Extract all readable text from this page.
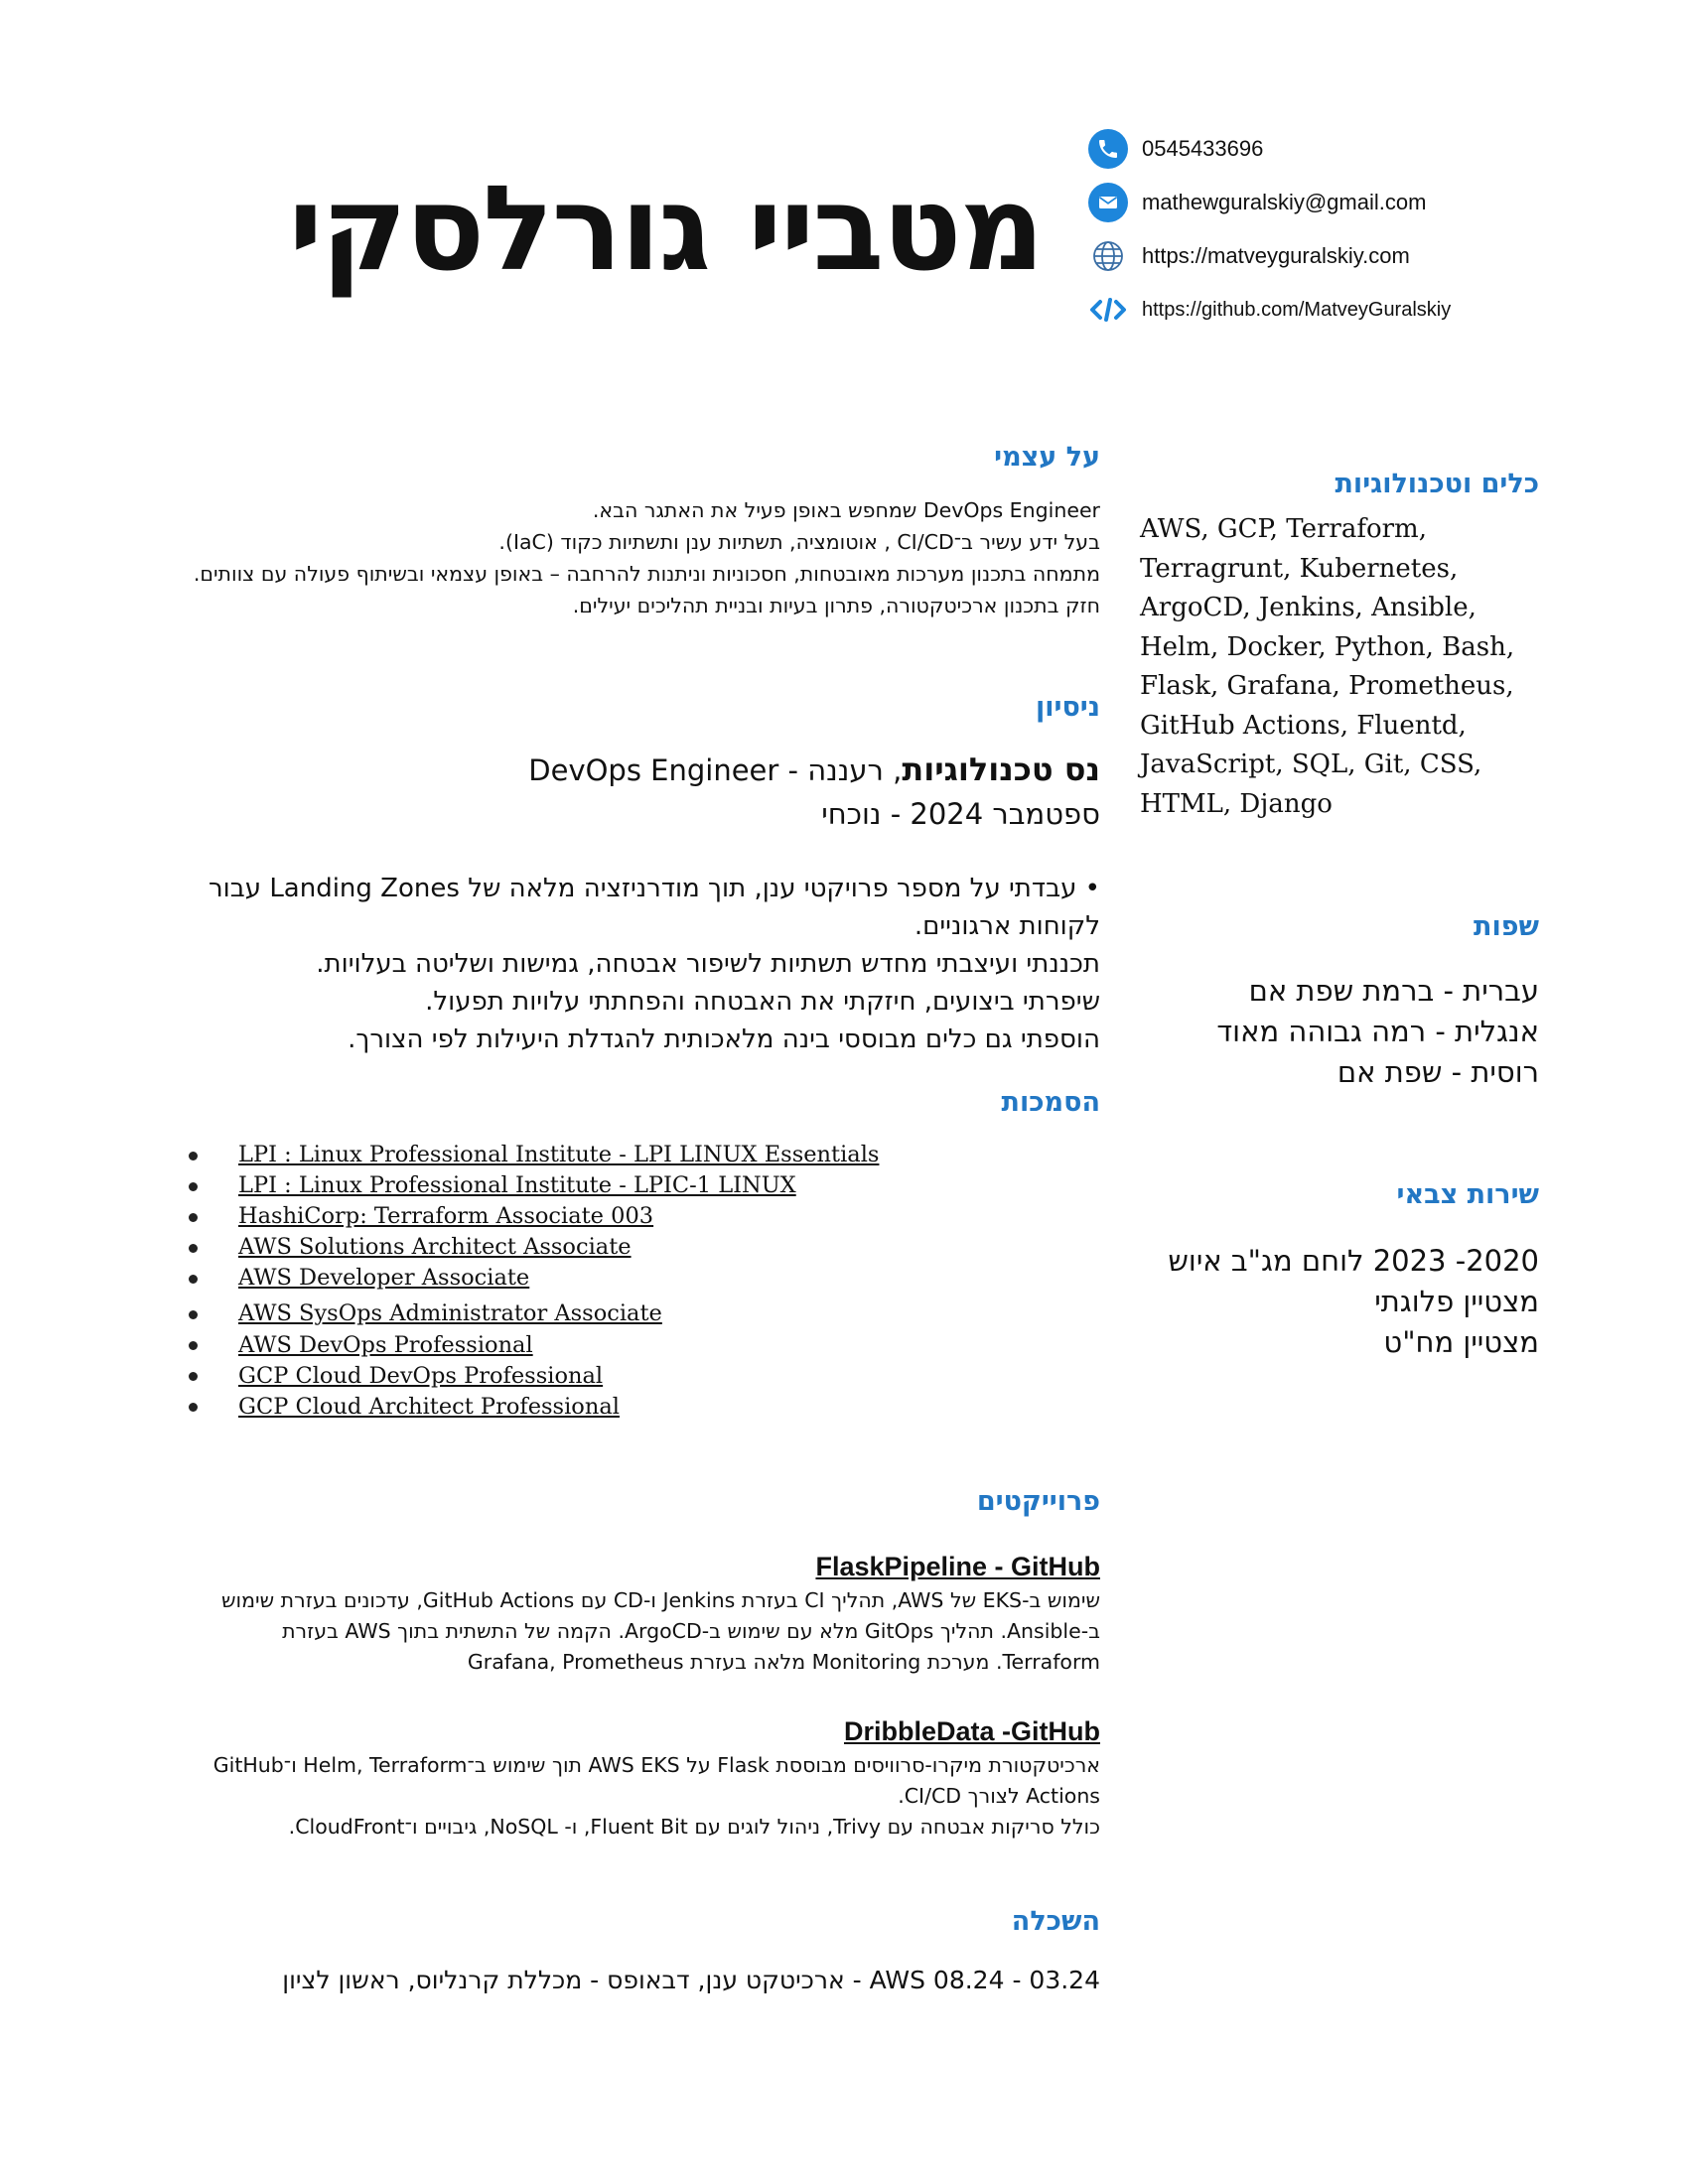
מטביי גורלסקי
0545433696
mathewguralskiy@gmail.com
https://matveyguralskiy.com
https://github.com/MatveyGuralskiy
על עצמי

DevOps Engineer שמחפש באופן פעיל את האתגר הבא.

בעל ידע עשיר ב־CI/CD , אוטומציה, תשתיות ענן ותשתיות כקוד (IaC).

מתמחה בתכנון מערכות מאובטחות, חסכוניות וניתנות להרחבה – באופן עצמאי ובשיתוף פעולה עם צוותים.

חזק בתכנון ארכיטקטורה, פתרון בעיות ובניית תהליכים יעילים.

ניסיון
נס טכנולוגיות, רעננה - DevOps Engineer
ספטמבר 2024 - נוכחי

• עבדתי על מספר פרויקטי ענן, תוך מודרניזציה מלאה של Landing Zones עבור

לקוחות ארגוניים.

תכננתי ועיצבתי מחדש תשתיות לשיפור אבטחה, גמישות ושליטה בעלויות.

שיפרתי ביצועים, חיזקתי את האבטחה והפחתתי עלויות תפעול.

הוספתי גם כלים מבוססי בינה מלאכותית להגדלת היעילות לפי הצורך.

הסמכות
LPI : Linux Professional Institute - LPI LINUX Essentials
LPI : Linux Professional Institute - LPIC-1 LINUX
HashiCorp: Terraform Associate 003
AWS Solutions Architect Associate
AWS Developer Associate
AWS SysOps Administrator Associate
AWS DevOps Professional
GCP Cloud DevOps Professional
GCP Cloud Architect Professional
פרוייקטים
FlaskPipeline - GitHub

שימוש ב-EKS של AWS, תהליך CI בעזרת Jenkins ו-CD עם GitHub Actions, עדכונים בעזרת שימוש

ב-Ansible. תהליך GitOps מלא עם שימוש ב-ArgoCD. הקמה של התשתית בתוך AWS בעזרת

Terraform. מערכת Monitoring מלאה בעזרת Grafana, Prometheus

DribbleData -GitHub

ארכיטקטורת מיקרו-סרוויסים מבוססת Flask על AWS EKS תוך שימוש ב־Helm, Terraform ו־GitHub

Actions לצורך CI/CD.

כולל סריקות אבטחה עם Trivy, ניהול לוגים עם Fluent Bit, ו- NoSQL, גיבויים ו־CloudFront.

השכלה
03.24 - 08.24 AWS - ארכיטקט ענן, דבאופס - מכללת קרנליוס, ראשון לציון
כלים וטכנולוגיות
AWS, GCP, Terraform,
Terragrunt, Kubernetes,
ArgoCD, Jenkins, Ansible,
Helm, Docker, Python, Bash,
Flask, Grafana, Prometheus,
GitHub Actions, Fluentd,
JavaScript, SQL, Git, CSS,
HTML, Django
שפות
עברית - ברמת שפת אם
אנגלית - רמה גבוהה מאוד
רוסית - שפת אם
שירות צבאי
2020- 2023 לוחם מג"ב איוש
מצטיין פלוגתי
מצטיין מח"ט
